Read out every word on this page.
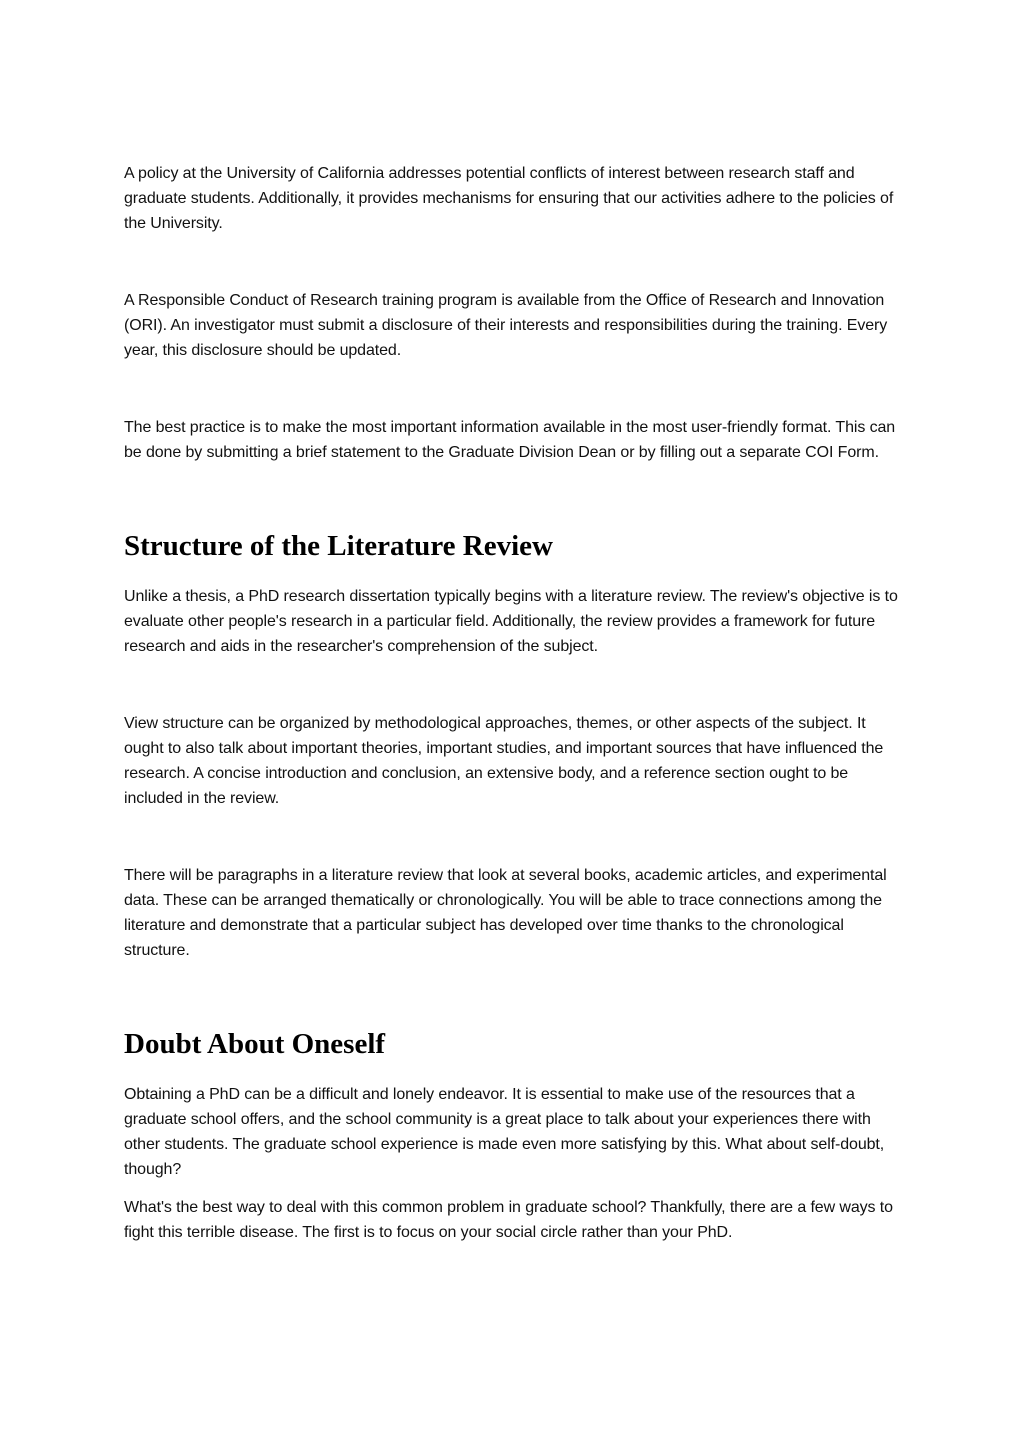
A policy at the University of California addresses potential conflicts of interest between research staff and graduate students. Additionally, it provides mechanisms for ensuring that our activities adhere to the policies of the University.

A Responsible Conduct of Research training program is available from the Office of Research and Innovation (ORI). An investigator must submit a disclosure of their interests and responsibilities during the training. Every year, this disclosure should be updated.

The best practice is to make the most important information available in the most user-friendly format. This can be done by submitting a brief statement to the Graduate Division Dean or by filling out a separate COI Form.

Structure of the Literature Review

Unlike a thesis, a PhD research dissertation typically begins with a literature review. The review's objective is to evaluate other people's research in a particular field. Additionally, the review provides a framework for future research and aids in the researcher's comprehension of the subject.

View structure can be organized by methodological approaches, themes, or other aspects of the subject. It ought to also talk about important theories, important studies, and important sources that have influenced the research. A concise introduction and conclusion, an extensive body, and a reference section ought to be included in the review.

There will be paragraphs in a literature review that look at several books, academic articles, and experimental data. These can be arranged thematically or chronologically. You will be able to trace connections among the literature and demonstrate that a particular subject has developed over time thanks to the chronological structure.

Doubt About Oneself

Obtaining a PhD can be a difficult and lonely endeavor. It is essential to make use of the resources that a graduate school offers, and the school community is a great place to talk about your experiences there with other students. The graduate school experience is made even more satisfying by this. What about self-doubt, though?

What's the best way to deal with this common problem in graduate school? Thankfully, there are a few ways to fight this terrible disease. The first is to focus on your social circle rather than your PhD.
